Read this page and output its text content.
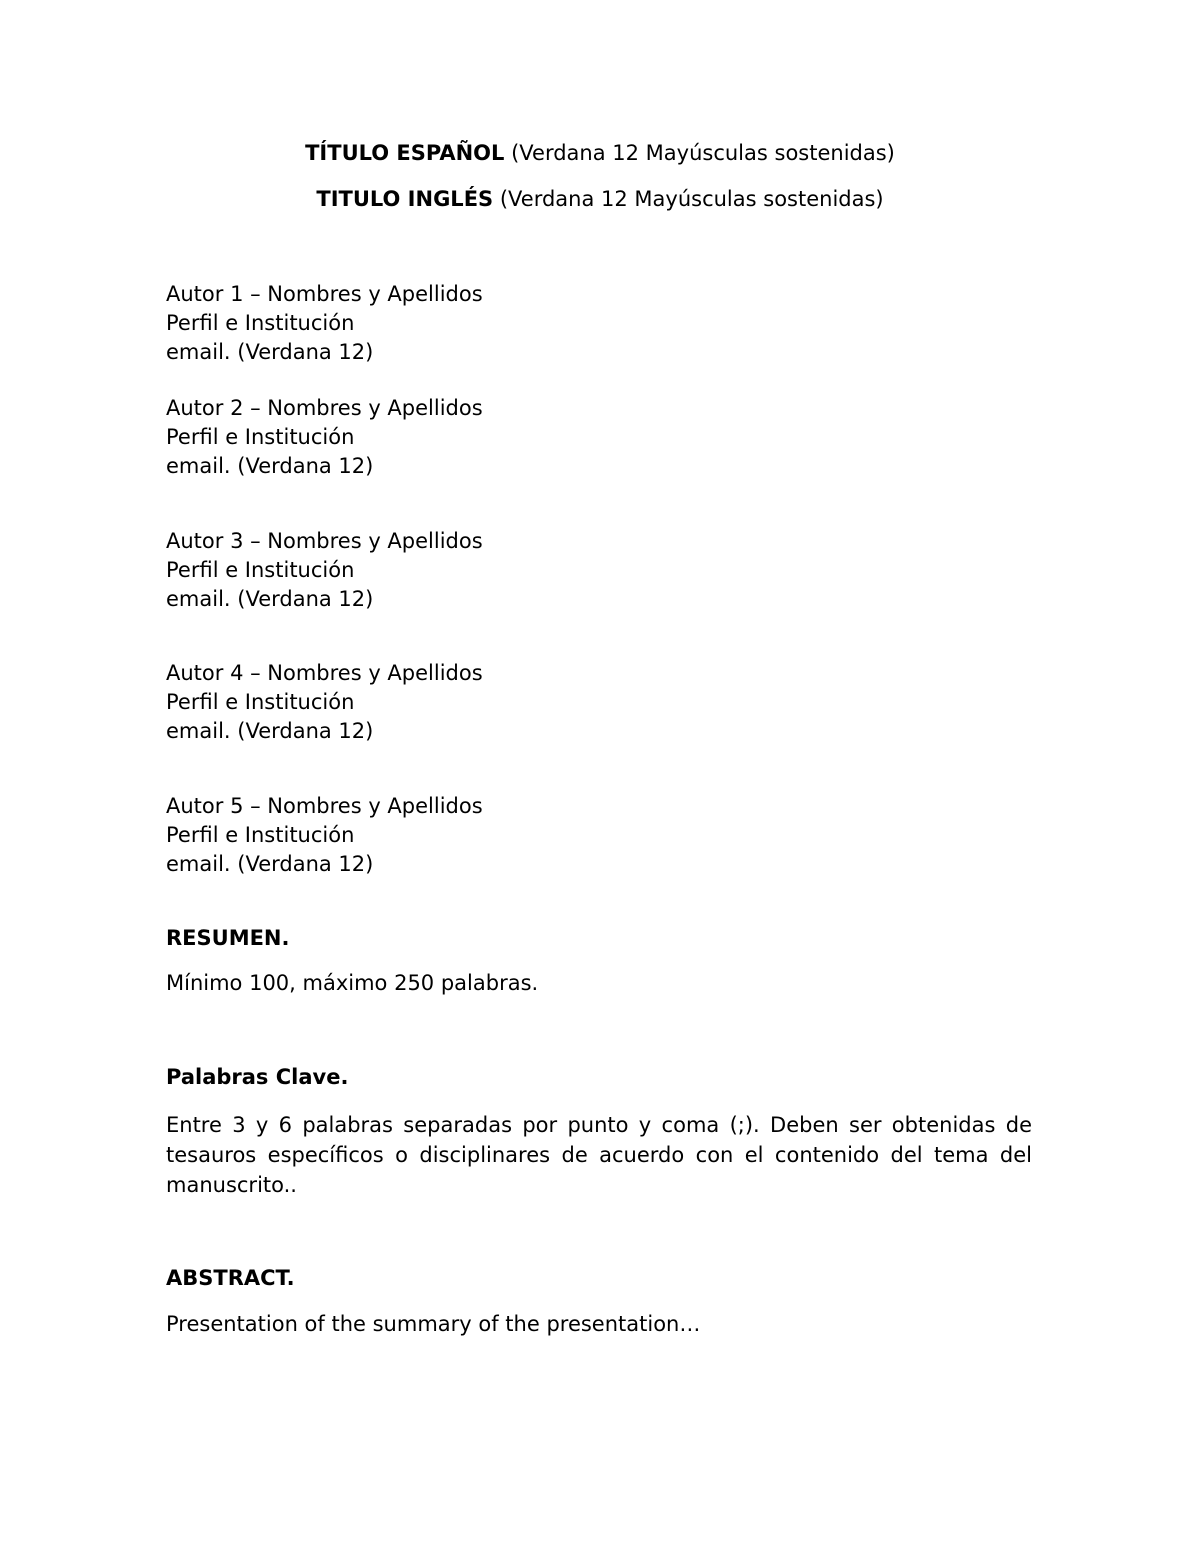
TÍTULO ESPAÑOL (Verdana 12 Mayúsculas sostenidas)
TITULO INGLÉS (Verdana 12 Mayúsculas sostenidas)
Autor 1 – Nombres y Apellidos
Perfil e Institución
email. (Verdana 12)
Autor 2 – Nombres y Apellidos
Perfil e Institución
email. (Verdana 12)
Autor 3 – Nombres y Apellidos
Perfil e Institución
email. (Verdana 12)
Autor 4 – Nombres y Apellidos
Perfil e Institución
email. (Verdana 12)
Autor 5 – Nombres y Apellidos
Perfil e Institución
email. (Verdana 12)
RESUMEN.
Mínimo 100, máximo 250 palabras.
Palabras Clave.
Entre 3 y 6 palabras separadas por punto y coma (;). Deben ser obtenidas de tesauros específicos o disciplinares de acuerdo con el contenido del tema del manuscrito..
ABSTRACT.
Presentation of the summary of the presentation…
